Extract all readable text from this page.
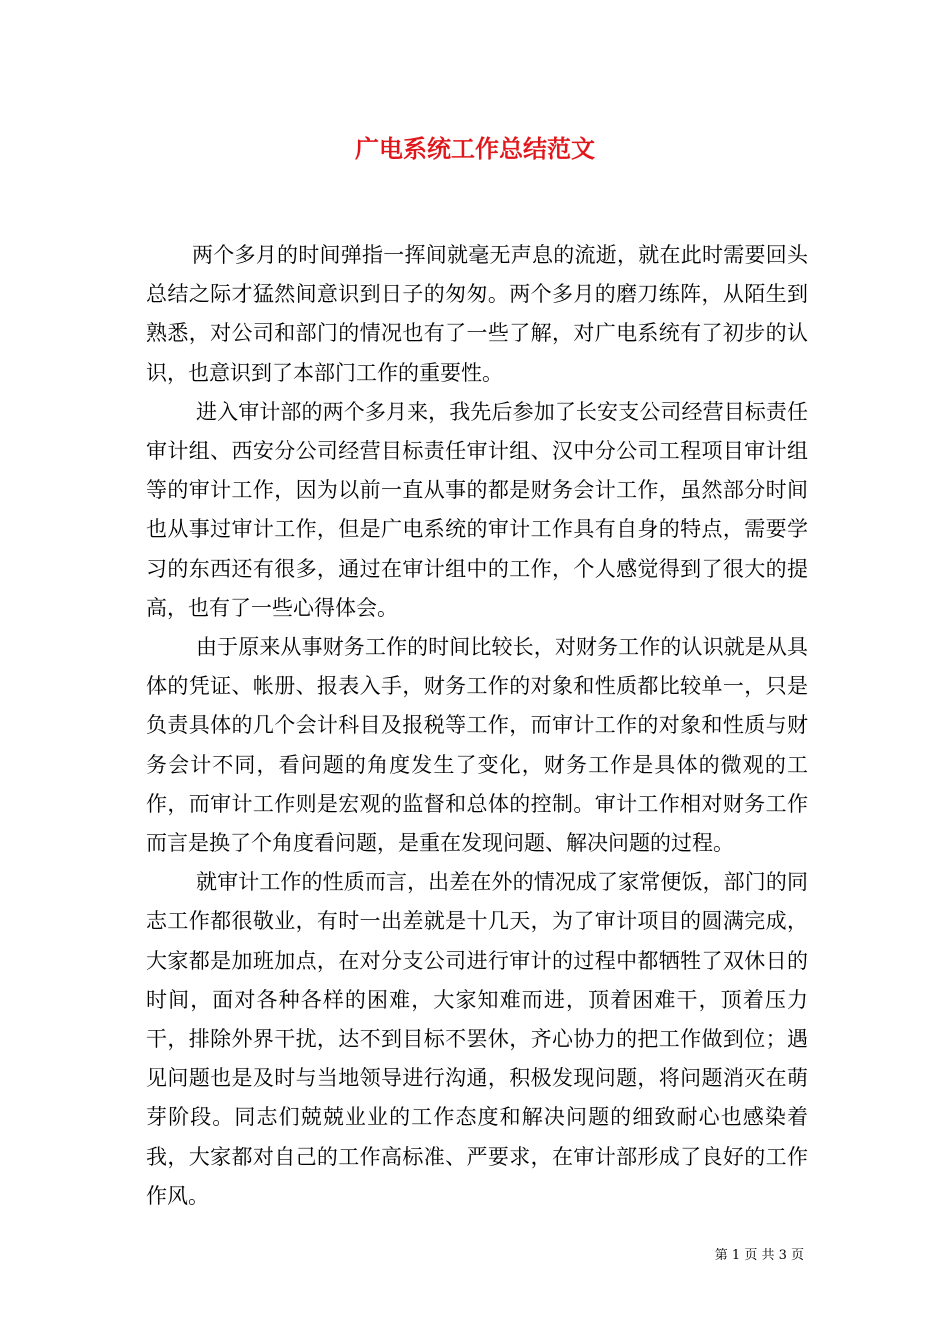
广电系统工作总结范文

两个多月的时间弹指一挥间就毫无声息的流逝，就在此时需要回头总结之际才猛然间意识到日子的匆匆。两个多月的磨刀练阵，从陌生到熟悉，对公司和部门的情况也有了一些了解，对广电系统有了初步的认识，也意识到了本部门工作的重要性。

进入审计部的两个多月来，我先后参加了长安支公司经营目标责任审计组、西安分公司经营目标责任审计组、汉中分公司工程项目审计组等的审计工作，因为以前一直从事的都是财务会计工作，虽然部分时间也从事过审计工作，但是广电系统的审计工作具有自身的特点，需要学习的东西还有很多，通过在审计组中的工作，个人感觉得到了很大的提高，也有了一些心得体会。

由于原来从事财务工作的时间比较长，对财务工作的认识就是从具体的凭证、帐册、报表入手，财务工作的对象和性质都比较单一，只是负责具体的几个会计科目及报税等工作，而审计工作的对象和性质与财务会计不同，看问题的角度发生了变化，财务工作是具体的微观的工作，而审计工作则是宏观的监督和总体的控制。审计工作相对财务工作而言是换了个角度看问题，是重在发现问题、解决问题的过程。

就审计工作的性质而言，出差在外的情况成了家常便饭，部门的同志工作都很敬业，有时一出差就是十几天，为了审计项目的圆满完成，大家都是加班加点，在对分支公司进行审计的过程中都牺牲了双休日的时间，面对各种各样的困难，大家知难而进，顶着困难干，顶着压力干，排除外界干扰，达不到目标不罢休，齐心协力的把工作做到位；遇见问题也是及时与当地领导进行沟通，积极发现问题，将问题消灭在萌芽阶段。同志们兢兢业业的工作态度和解决问题的细致耐心也感染着我，大家都对自己的工作高标准、严要求，在审计部形成了良好的工作作风。

第 1 页 共 3 页
